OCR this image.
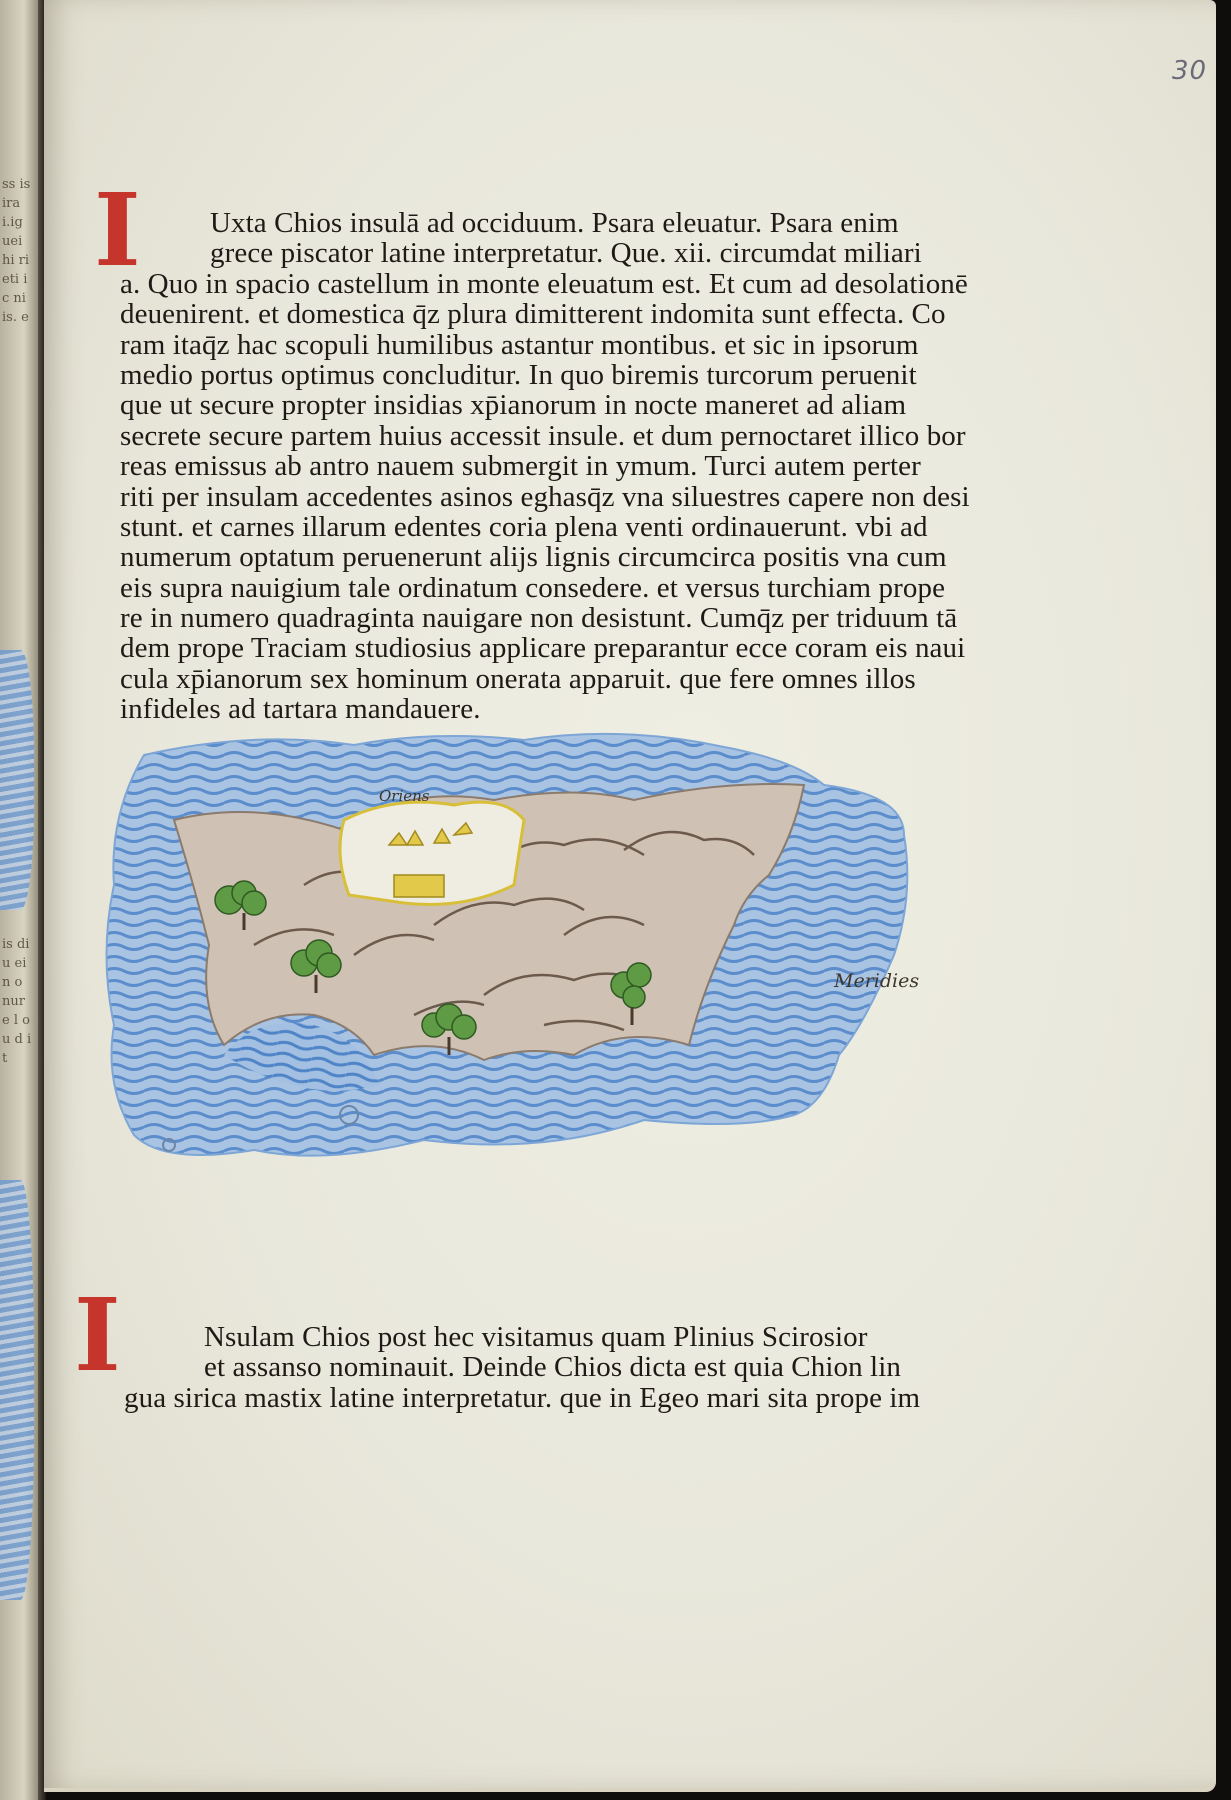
ss is ira i.ig uei hi ri eti ic ni is. e
is di u ein o nur e l ou d it
30
I	Uxta Chios insulā ad occiduum. Psara eleuatur. Psara enim
grece piscator latine interpretatur. Que. xii. circumdat miliari
a. Quo in spacio castellum in monte eleuatum est. Et cum ad desolationē
deuenirent. et domestica q̄z plura dimitterent indomita sunt effecta. Co
ram itaq̄z hac scopuli humilibus astantur montibus. et sic in ipsorum
medio portus optimus concluditur. In quo biremis turcorum peruenit
que ut secure propter insidias xp̄ianorum in nocte maneret ad aliam
secrete secure partem huius accessit insule. et dum pernoctaret illico bor
reas emissus ab antro nauem submergit in ymum. Turci autem perter
riti per insulam accedentes asinos eghasq̄z vna siluestres capere non desi
stunt. et carnes illarum edentes coria plena venti ordinauerunt. vbi ad
numerum optatum peruenerunt alijs lignis circumcirca positis vna cum
eis supra nauigium tale ordinatum consedere. et versus turchiam prope
re in numero quadraginta nauigare non desistunt. Cumq̄z per triduum tā
dem prope Traciam studiosius applicare preparantur ecce coram eis naui
cula xp̄ianorum sex hominum onerata apparuit. que fere omnes illos
infideles ad tartara mandauere.
Oriens
Meridies
I	Nsulam Chios post hec visitamus quam Plinius Scirosior
et assanso nominauit. Deinde Chios dicta est quia Chion lin
gua sirica mastix latine interpretatur. que in Egeo mari sita prope im
